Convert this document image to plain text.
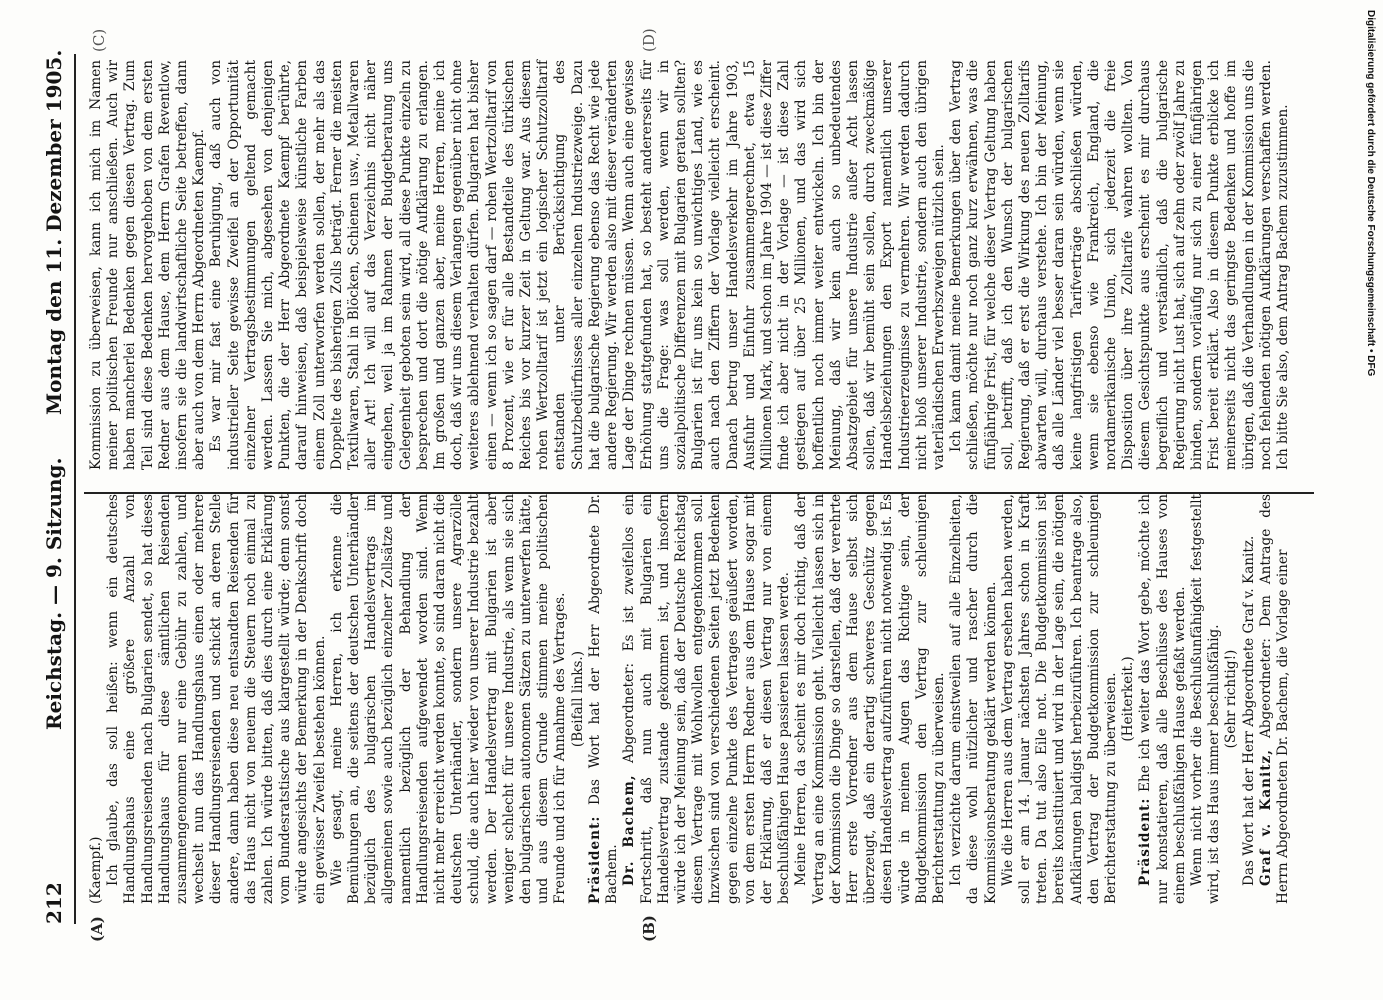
212
Reichstag. — 9. Sitzung.
Montag den 11. Dezember 1905.
(A)	(B)
(C)	(D)

(Kaempf.) Ich glaube, das soll heißen: wenn ein deutsches Handlungshaus eine größere Anzahl von Handlungsreisenden nach Bulgarien sendet, so hat dieses Handlungshaus für diese sämtlichen Reisenden zusammengenommen nur eine Gebühr zu zahlen, und wechselt nun das Handlungshaus einen oder mehrere dieser Handlungsreisenden und schickt an deren Stelle andere, dann haben diese neu entsandten Reisenden für das Haus nicht von neuem die Steuern noch einmal zu zahlen. Ich würde bitten, daß dies durch eine Erklärung vom Bundesratstische aus klargestellt würde; denn sonst würde angesichts der Bemerkung in der Denkschrift doch ein gewisser Zweifel bestehen können. Wie gesagt, meine Herren, ich erkenne die Bemühungen an, die seitens der deutschen Unterhändler bezüglich des bulgarischen Handelsvertrags im allgemeinen sowie auch bezüglich einzelner Zollsätze und namentlich bezüglich der Behandlung der Handlungsreisenden aufgewendet worden sind. Wenn nicht mehr erreicht werden konnte, so sind daran nicht die deutschen Unterhändler, sondern unsere Agrarzölle schuld, die auch hier wieder von unserer Industrie bezahlt werden. Der Handelsvertrag mit Bulgarien ist aber weniger schlecht für unsere Industrie, als wenn sie sich den bulgarischen autonomen Sätzen zu unterwerfen hätte, und aus diesem Grunde stimmen meine politischen Freunde und ich für Annahme des Vertrages. (Beifall links.)

Präsident: Das Wort hat der Herr Abgeordnete Dr. Bachem. Dr. Bachem, Abgeordneter: Es ist zweifellos ein Fortschritt, daß nun auch mit Bulgarien ein Handelsvertrag zustande gekommen ist, und insofern würde ich der Meinung sein, daß der Deutsche Reichstag diesem Vertrage mit Wohlwollen entgegenkommen soll. Inzwischen sind von verschiedenen Seiten jetzt Bedenken gegen einzelne Punkte des Vertrages geäußert worden, von dem ersten Herrn Redner aus dem Hause sogar mit der Erklärung, daß er diesen Vertrag nur von einem beschlußfähigen Hause passieren lassen werde. Meine Herren, da scheint es mir doch richtig, daß der Vertrag an eine Kommission geht. Vielleicht lassen sich in der Kommission die Dinge so darstellen, daß der verehrte Herr erste Vorredner aus dem Hause selbst sich überzeugt, daß ein derartig schweres Geschütz gegen diesen Handelsvertrag aufzuführen nicht notwendig ist. Es würde in meinen Augen das Richtige sein, der Budgetkommission den Vertrag zur schleunigen Berichterstattung zu überweisen. Ich verzichte darum einstweilen auf alle Einzelheiten, da diese wohl nützlicher und rascher durch die Kommissionsberatung geklärt werden können. Wie die Herren aus dem Vertrag ersehen haben werden, soll er am 14. Januar nächsten Jahres schon in Kraft treten. Da tut also Eile not. Die Budgetkommission ist bereits konstituiert und wird in der Lage sein, die nötigen Aufklärungen baldigst herbeizuführen. Ich beantrage also, den Vertrag der Budgetkommission zur schleunigen Berichterstattung zu überweisen. (Heiterkeit.)

Präsident: Ehe ich weiter das Wort gebe, möchte ich nur konstatieren, daß alle Beschlüsse des Hauses von einem beschlußfähigen Hause gefaßt werden. Wenn nicht vorher die Beschlußunfähigkeit festgestellt wird, ist das Haus immer beschlußfähig. (Sehr richtig!) Das Wort hat der Herr Abgeordnete Graf v. Kanitz. Graf v. Kanitz, Abgeordneter: Dem Antrage des Herrn Abgeordneten Dr. Bachem, die Vorlage einer

Kommission zu überweisen, kann ich mich im Namen meiner politischen Freunde nur anschließen. Auch wir haben mancherlei Bedenken gegen diesen Vertrag. Zum Teil sind diese Bedenken hervorgehoben von dem ersten Redner aus dem Hause, dem Herrn Grafen Reventlow, insofern sie die landwirtschaftliche Seite betreffen, dann aber auch von dem Herrn Abgeordneten Kaempf. Es war mir fast eine Beruhigung, daß auch von industrieller Seite gewisse Zweifel an der Opportunität einzelner Vertragsbestimmungen geltend gemacht werden. Lassen Sie mich, abgesehen von denjenigen Punkten, die der Herr Abgeordnete Kaempf berührte, darauf hinweisen, daß beispielsweise künstliche Farben einem Zoll unterworfen werden sollen, der mehr als das Doppelte des bisherigen Zolls beträgt. Ferner die meisten Textilwaren, Stahl in Blöcken, Schienen usw., Metallwaren aller Art! Ich will auf das Verzeichnis nicht näher eingehen, weil ja im Rahmen der Budgetberatung uns Gelegenheit geboten sein wird, all diese Punkte einzeln zu besprechen und dort die nötige Aufklärung zu erlangen. Im großen und ganzen aber, meine Herren, meine ich doch, daß wir uns diesem Verlangen gegenüber nicht ohne weiteres ablehnend verhalten dürfen. Bulgarien hat bisher einen — wenn ich so sagen darf — rohen Wertzolltarif von 8 Prozent, wie er für alle Bestandteile des türkischen Reiches bis vor kurzer Zeit in Geltung war. Aus diesem rohen Wertzolltarif ist jetzt ein logischer Schutzzolltarif entstanden unter Berücksichtigung des Schutzbedürfnisses aller einzelnen Industriezweige. Dazu hat die bulgarische Regierung ebenso das Recht wie jede andere Regierung. Wir werden also mit dieser veränderten Lage der Dinge rechnen müssen. Wenn auch eine gewisse Erhöhung stattgefunden hat, so besteht andererseits für uns die Frage: was soll werden, wenn wir in sozialpolitische Differenzen mit Bulgarien geraten sollten? Bulgarien ist für uns kein so unwichtiges Land, wie es auch nach den Ziffern der Vorlage vielleicht erscheint. Danach betrug unser Handelsverkehr im Jahre 1903, Ausfuhr und Einfuhr zusammengerechnet, etwa 15 Millionen Mark, und schon im Jahre 1904 — ist diese Ziffer finde ich aber nicht in der Vorlage — ist diese Zahl gestiegen auf über 25 Millionen, und das wird sich hoffentlich noch immer weiter entwickeln. Ich bin der Meinung, daß wir kein auch so unbedeutendes Absatzgebiet für unsere Industrie außer Acht lassen sollen, daß wir bemüht sein sollen, durch zweckmäßige Handelsbeziehungen den Export namentlich unserer Industrieerzeugnisse zu vermehren. Wir werden dadurch nicht bloß unserer Industrie, sondern auch den übrigen vaterländischen Erwerbszweigen nützlich sein. Ich kann damit meine Bemerkungen über den Vertrag schließen, möchte nur noch ganz kurz erwähnen, was die fünfjährige Frist, für welche dieser Vertrag Geltung haben soll, betrifft, daß ich den Wunsch der bulgarischen Regierung, daß er erst die Wirkung des neuen Zolltarifs abwarten will, durchaus verstehe. Ich bin der Meinung, daß alle Länder viel besser daran sein würden, wenn sie keine langfristigen Tarifverträge abschließen würden, wenn sie ebenso wie Frankreich, England, die nordamerikanische Union, sich jederzeit die freie Disposition über ihre Zolltarife wahren wollten. Von diesem Gesichtspunkte aus erscheint es mir durchaus begreiflich und verständlich, daß die bulgarische Regierung nicht Lust hat, sich auf zehn oder zwölf Jahre zu binden, sondern vorläufig nur sich zu einer fünfjährigen Frist bereit erklärt. Also in diesem Punkte erblicke ich meinerseits nicht das geringste Bedenken und hoffe im übrigen, daß die Verhandlungen in der Kommission uns die noch fehlenden nötigen Aufklärungen verschaffen werden. Ich bitte Sie also, dem Antrag Bachem zuzustimmen.	Digitalisierung gefördert durch die Deutsche Forschungsgemeinschaft • DFG
